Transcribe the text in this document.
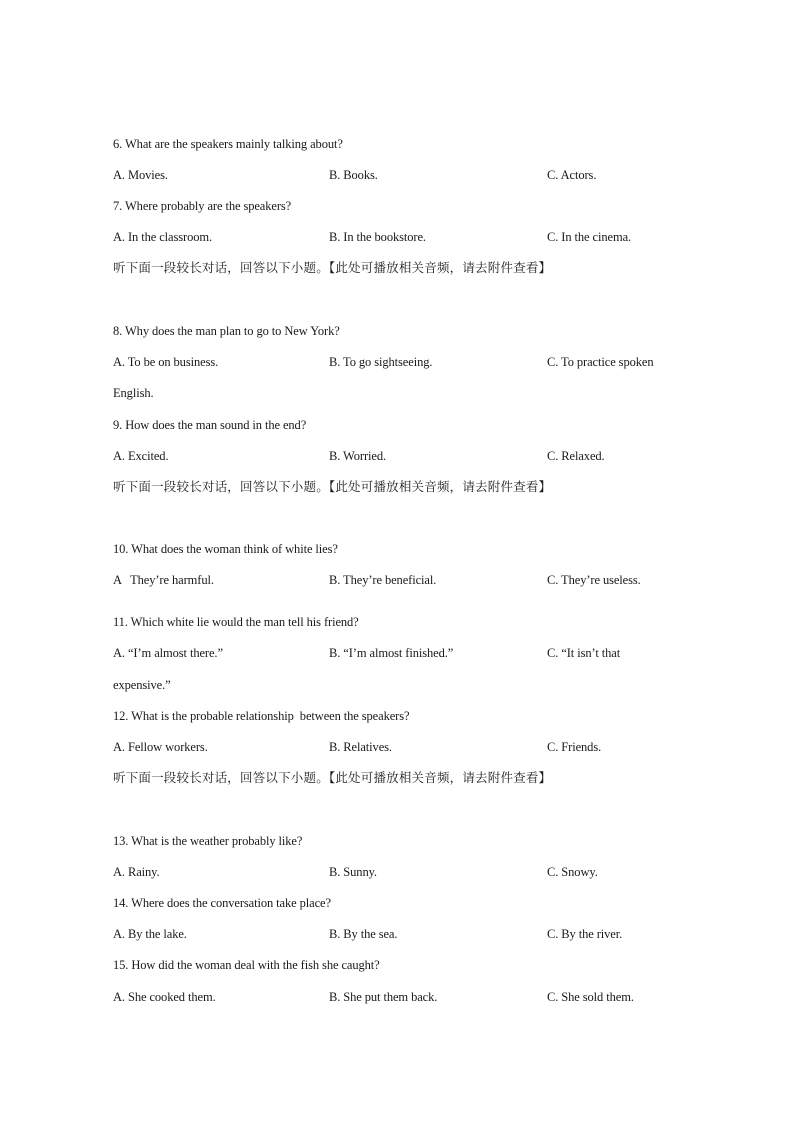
6. What are the speakers mainly talking about?
A. Movies.	B. Books.	C. Actors.
7. Where probably are the speakers?
A. In the classroom.	B. In the bookstore.	C. In the cinema.
听下面一段较长对话，回答以下小题。【此处可播放相关音频，请去附件查看】
8. Why does the man plan to go to New York?
A. To be on business.	B. To go sightseeing.	C. To practice spoken
English.
9. How does the man sound in the end?
A. Excited.	B. Worried.	C. Relaxed.
听下面一段较长对话，回答以下小题。【此处可播放相关音频，请去附件查看】
10. What does the woman think of white lies?
A   They’re harmful.	B. They’re beneficial.	C. They’re useless.
11. Which white lie would the man tell his friend?
A. “I’m almost there.”	B. “I’m almost finished.”	C. “It isn’t that
expensive.”
12. What is the probable relationship  between the speakers?
A. Fellow workers.	B. Relatives.	C. Friends.
听下面一段较长对话，回答以下小题。【此处可播放相关音频，请去附件查看】
13. What is the weather probably like?
A. Rainy.	B. Sunny.	C. Snowy.
14. Where does the conversation take place?
A. By the lake.	B. By the sea.	C. By the river.
15. How did the woman deal with the fish she caught?
A. She cooked them.	B. She put them back.	C. She sold them.
